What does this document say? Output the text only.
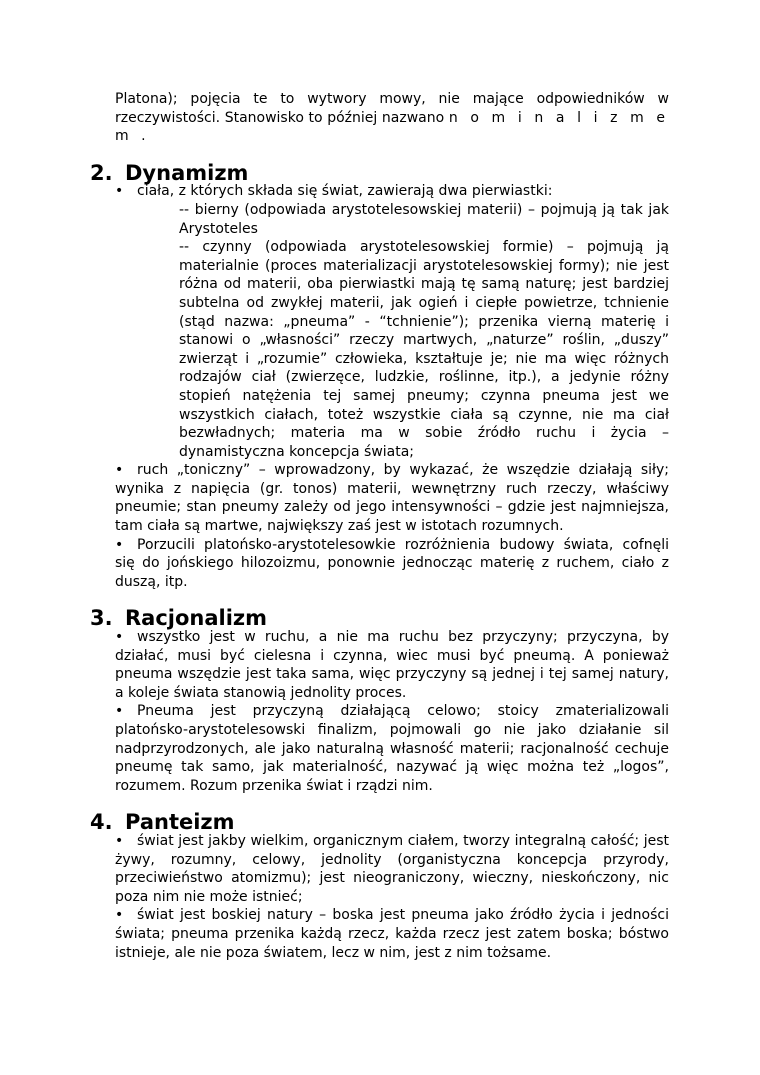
Platona); pojęcia te to wytwory mowy, nie mające odpowiedników w rzeczywistości. Stanowisko to później nazwano n o m i n a l i z m e m .

2. Dynamizm

• ciała, z których składa się świat, zawierają dwa pierwiastki:

-- bierny (odpowiada arystotelesowskiej materii) – pojmują ją tak jak Arystoteles

-- czynny (odpowiada arystotelesowskiej formie) – pojmują ją materialnie (proces materializacji arystotelesowskiej formy); nie jest różna od materii, oba pierwiastki mają tę samą naturę; jest bardziej subtelna od zwykłej materii, jak ogień i ciepłe powietrze, tchnienie (stąd nazwa: „pneuma” - “tchnienie”); przenika vierną materię i stanowi o „własności” rzeczy martwych, „naturze” roślin, „duszy” zwierząt i „rozumie” człowieka, kształtuje je; nie ma więc różnych rodzajów ciał (zwierzęce, ludzkie, roślinne, itp.), a jedynie różny stopień natężenia tej samej pneumy; czynna pneuma jest we wszystkich ciałach, toteż wszystkie ciała są czynne, nie ma ciał bezwładnych; materia ma w sobie źródło ruchu i życia – dynamistyczna koncepcja świata;

• ruch „toniczny” – wprowadzony, by wykazać, że wszędzie działają siły; wynika z napięcia (gr. tonos) materii, wewnętrzny ruch rzeczy, właściwy pneumie; stan pneumy zależy od jego intensywności – gdzie jest najmniejsza, tam ciała są martwe, największy zaś jest w istotach rozumnych.

• Porzucili platońsko-arystotelesowkie rozróżnienia budowy świata, cofnęli się do jońskiego hilozoizmu, ponownie jednocząc materię z ruchem, ciało z duszą, itp.

3. Racjonalizm

• wszystko jest w ruchu, a nie ma ruchu bez przyczyny; przyczyna, by działać, musi być cielesna i czynna, wiec musi być pneumą. A ponieważ pneuma wszędzie jest taka sama, więc przyczyny są jednej i tej samej natury, a koleje świata stanowią jednolity proces.

• Pneuma jest przyczyną działającą celowo; stoicy zmaterializowali platońsko-arystotelesowski finalizm, pojmowali go nie jako działanie sil nadprzyrodzonych, ale jako naturalną własność materii; racjonalność cechuje pneumę tak samo, jak materialność, nazywać ją więc można też „logos”, rozumem. Rozum przenika świat i rządzi nim.

4. Panteizm

• świat jest jakby wielkim, organicznym ciałem, tworzy integralną całość; jest żywy, rozumny, celowy, jednolity (organistyczna koncepcja przyrody, przeciwieństwo atomizmu); jest nieograniczony, wieczny, nieskończony, nic poza nim nie może istnieć;

• świat jest boskiej natury – boska jest pneuma jako źródło życia i jedności świata; pneuma przenika każdą rzecz, każda rzecz jest zatem boska; bóstwo istnieje, ale nie poza światem, lecz w nim, jest z nim tożsame.
